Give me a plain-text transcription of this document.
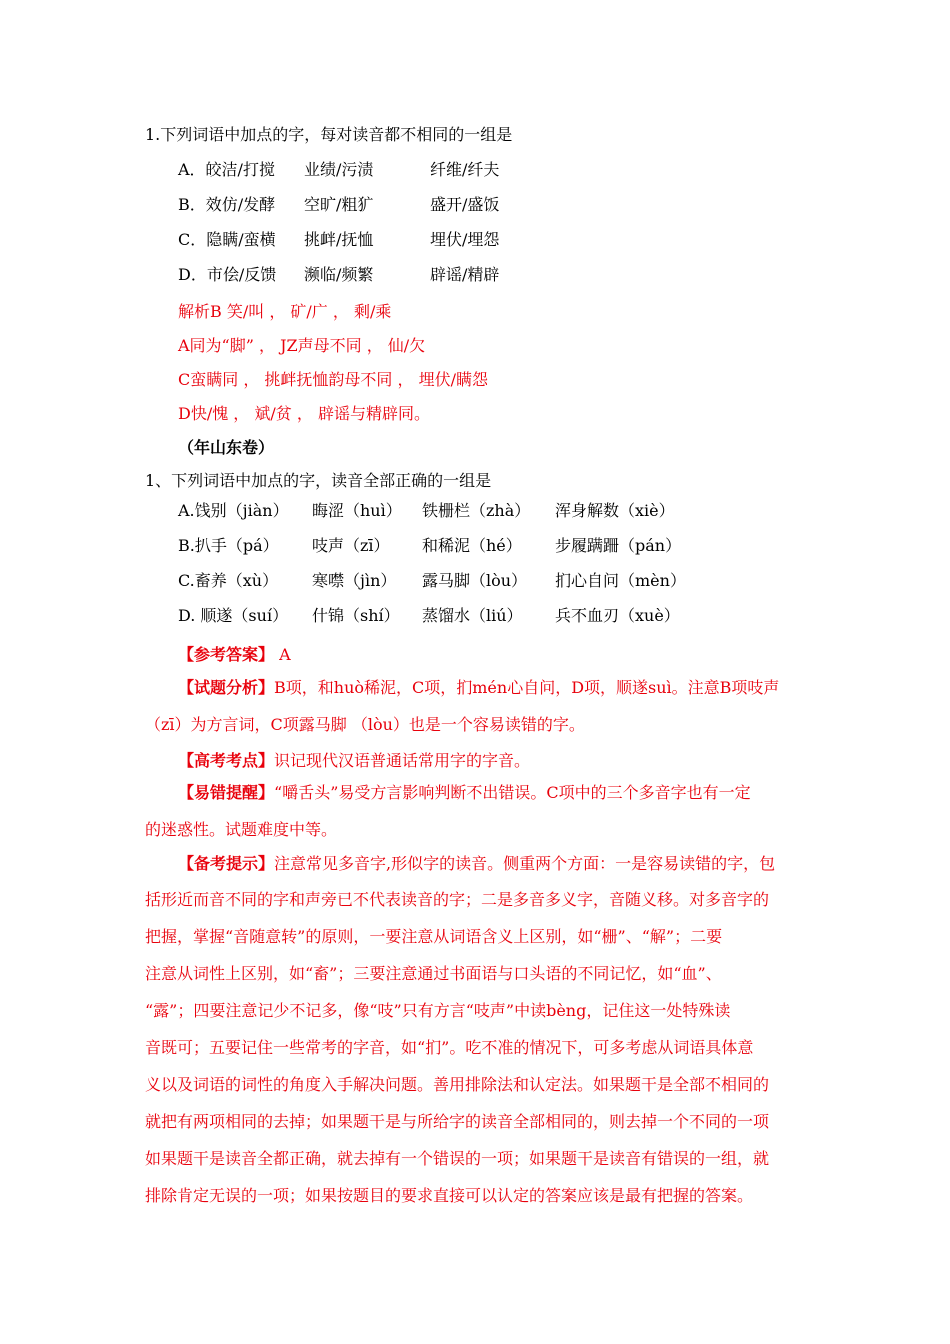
1.下列词语中加点的字，每对读音都不相同的一组是
A．皎洁/打搅 业绩/污渍	纤维/纤夫
B．效仿/发酵 空旷/粗犷	盛开/盛饭
C．隐瞒/蛮横 挑衅/抚恤	埋伏/埋怨
D．市侩/反馈 濒临/频繁	辟谣/精辟
解析B 笑/叫 ， 矿/广 ， 剩/乘
A同为“脚” ， JZ声母不同 ， 仙/欠
C蛮瞒同 ， 挑衅抚恤韵母不同 ， 埋伏/瞒怨
D快/愧 ， 斌/贫 ， 辟谣与精辟同。
（年山东卷）
1、下列词语中加点的字，读音全部正确的一组是
A.饯别（jiàn） 晦涩（huì） 铁栅栏（zhà） 浑身解数（xiè）
B.扒手（pá） 吱声（zī） 和稀泥（hé） 步履蹒跚（pán）
C.畜养（xù） 寒噤（jìn） 露马脚（lòu） 扪心自问（mèn）
D. 顺遂（suí） 什锦（shí） 蒸馏水（liú） 兵不血刃（xuè）
【参考答案】 A
【试题分析】B项，和huò稀泥，C项，扪mén心自问，D项，顺遂suì。注意B项吱声
（zī）为方言词，C项露马脚 （lòu）也是一个容易读错的字。
【高考考点】识记现代汉语普通话常用字的字音。
【易错提醒】“嚼舌头”易受方言影响判断不出错误。C项中的三个多音字也有一定
的迷惑性。试题难度中等。
【备考提示】注意常见多音字,形似字的读音。侧重两个方面：一是容易读错的字，包
括形近而音不同的字和声旁已不代表读音的字；二是多音多义字，音随义移。对多音字的
把握，掌握“音随意转”的原则，一要注意从词语含义上区别，如“栅”、“解”；二要
注意从词性上区别，如“畜”；三要注意通过书面语与口头语的不同记忆，如“血”、
“露”；四要注意记少不记多，像“吱”只有方言“吱声”中读bèng，记住这一处特殊读
音既可；五要记住一些常考的字音，如“扪”。吃不准的情况下，可多考虑从词语具体意
义以及词语的词性的角度入手解决问题。善用排除法和认定法。如果题干是全部不相同的
就把有两项相同的去掉；如果题干是与所给字的读音全部相同的，则去掉一个不同的一项
如果题干是读音全都正确，就去掉有一个错误的一项；如果题干是读音有错误的一组，就
排除肯定无误的一项；如果按题目的要求直接可以认定的答案应该是最有把握的答案。
